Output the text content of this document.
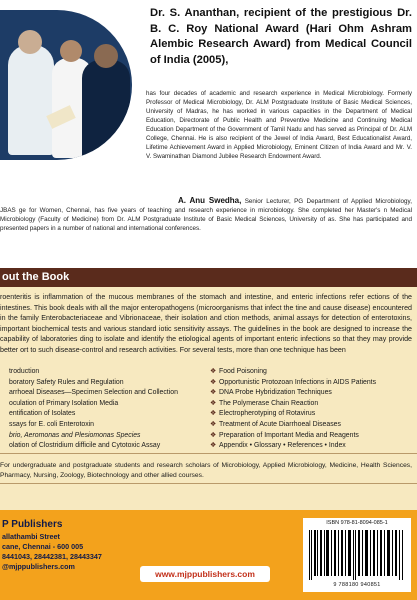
Dr. S. Ananthan, recipient of the prestigious Dr. B. C. Roy National Award (Hari Ohm Ashram Alembic Research Award) from Medical Council of India (2005),
has four decades of academic and research experience in Medical Microbiology. Formerly Professor of Medical Microbiology, Dr. ALM Postgraduate Institute of Basic Medical Sciences, University of Madras, he has worked in various capacities in the Department of Medical Education, Directorate of Public Health and Preventive Medicine and Continuing Medical Education Department of the Government of Tamil Nadu and has served as Principal of Dr. ALM College, Chennai. He is also recipient of the Jewel of India Award, Best Educationalist Award, Lifetime Achievement Award in Applied Microbiology, Eminent Citizen of India Award and Mr. V. V. Swaminathan Diamond Jubilee Research Endowment Award.
A. Anu Swedha, Senior Lecturer, PG Department of Applied Microbiology, JBAS ge for Women, Chennai, has five years of teaching and research experience in microbiology. She completed her Master's n Medical Microbiology (Faculty of Medicine) from Dr. ALM Postgraduate Institute of Basic Medical Sciences, University of as. She has participated and presented papers in a number of national and international conferences.
out the Book
roenteritis is inflammation of the mucous membranes of the stomach and intestine, and enteric infections refer ections of the intestines. This book deals with all the major enteropathogens (microorganisms that infect the tine and cause disease) encountered in the family Enterobacteriaceae and Vibrionaceae, their isolation and ction methods, animal assays for detection of enterotoxins, important biochemical tests and various standard iotic sensitivity assays. The guidelines in the book are designed to increase the capability of laboratories ding to isolate and identify the etiological agents of important enteric infections so that they may provide better ort to such disease-control and research activities. For several tests, more than one technique has been
troduction
boratory Safety Rules and Regulation
arrhoeal Diseases—Specimen Selection and Collection
oculation of Primary Isolation Media
entification of Isolates
ssays for E. coli Enterotoxin
brio, Aeromonas and Plesiomonas Species
olation of Clostridium difficile and Cytotoxic Assay
❖ Food Poisoning
❖ Opportunistic Protozoan Infections in AIDS Patients
❖ DNA Probe Hybridization Techniques
❖ The Polymerase Chain Reaction
❖ Electropherotyping of Rotavirus
❖ Treatment of Acute Diarrhoeal Diseases
❖ Preparation of Important Media and Reagents
❖ Appendix • Glossary • References • Index
For undergraduate and postgraduate students and research scholars of Microbiology, Applied Microbiology, Medicine, Health Sciences, Pharmacy, Nursing, Zoology, Biotechnology and other allied courses.
P Publishers
allathambi Street
cane, Chennai - 600 005
8441043, 28442381, 28443347
@mjppublishers.com
www.mjppublishers.com
ISBN 978-81-8094-085-1
9 788180 940851
